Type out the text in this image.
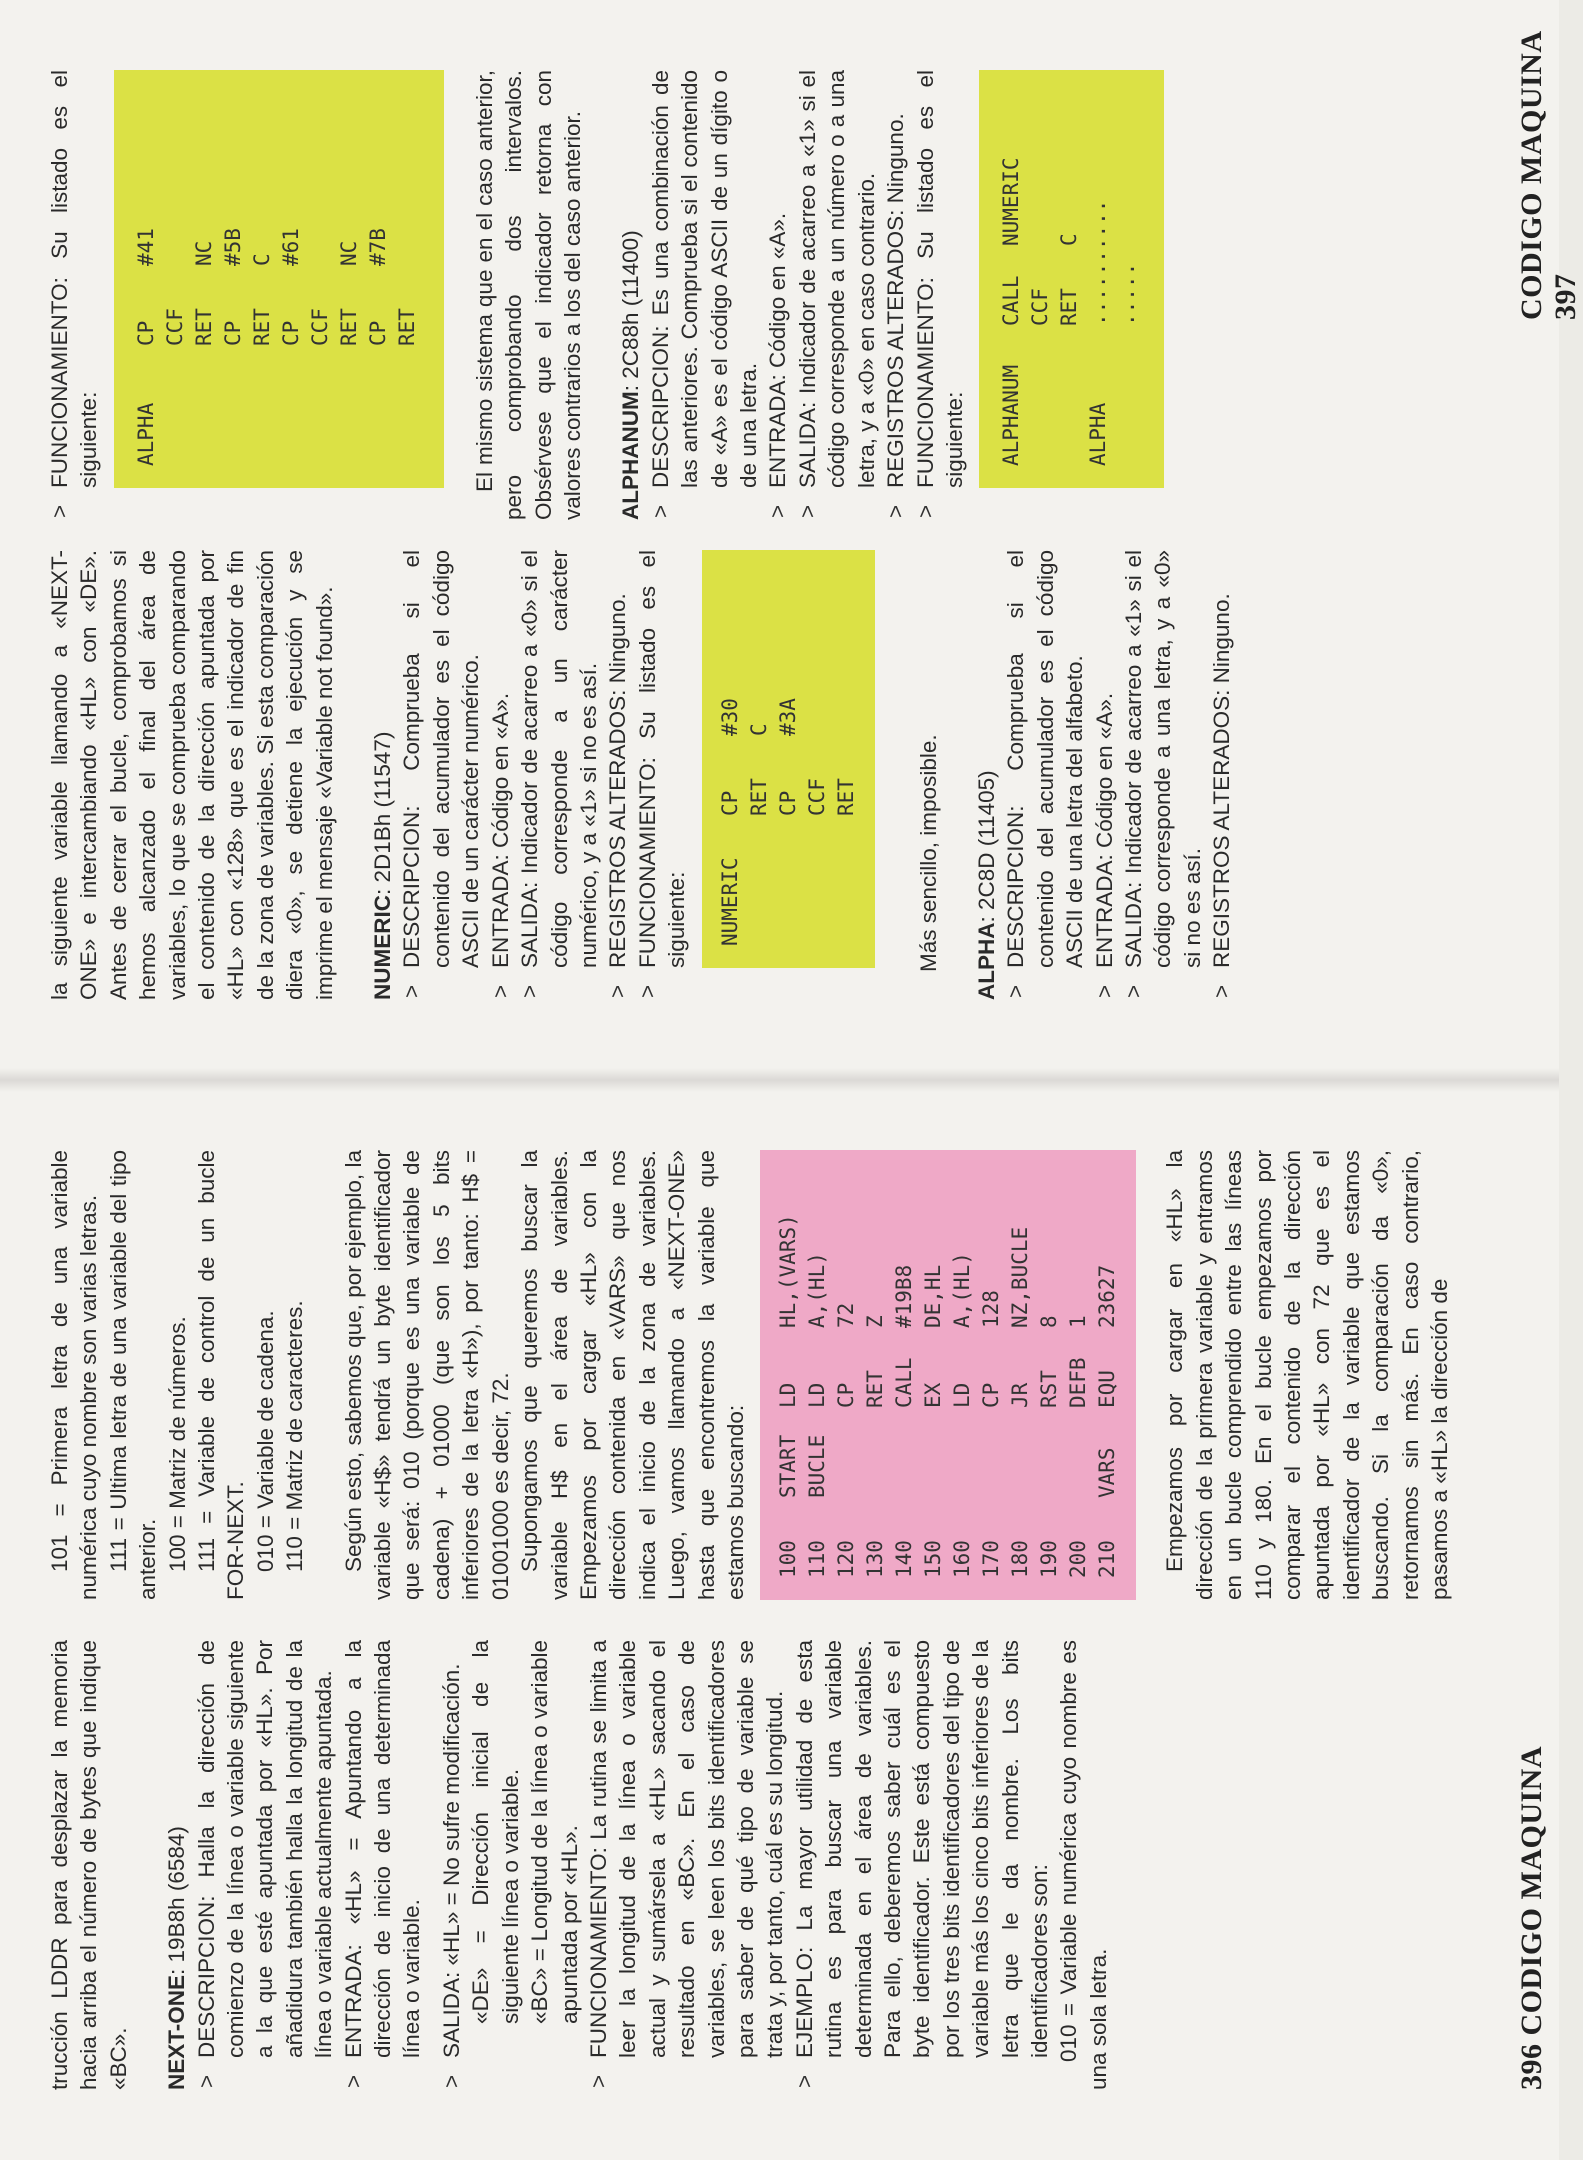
trucción LDDR para desplazar la memoria hacia arriba el número de bytes que indique «BC». NEXT-ONE: 19B8h (6584) > DESCRIPCION: Halla la dirección de comienzo de la línea o variable siguiente a la que esté apuntada por «HL». Por añadidura también halla la longitud de la línea o variable actualmente apuntada. > ENTRADA: «HL» = Apuntando a la dirección de inicio de una determinada línea o variable. > SALIDA: «HL» = No sufre modificación. «DE» = Dirección inicial de la siguiente línea o variable. «BC» = Longitud de la línea o variable apuntada por «HL». > FUNCIONAMIENTO: La rutina se limita a leer la longitud de la línea o variable actual y sumársela a «HL» sacando el resultado en «BC». En el caso de variables, se leen los bits identificadores para saber de qué tipo de variable se trata y, por tanto, cuál es su longitud. > EJEMPLO: La mayor utilidad de esta rutina es para buscar una variable determinada en el área de variables. Para ello, deberemos saber cuál es el byte identificador. Este está compuesto por los tres bits identificadores del tipo de variable más los cinco bits inferiores de la letra que le da nombre. Los bits identificadores son: 010 = Variable numérica cuyo nombre es una sola letra.

101 = Primera letra de una variable numérica cuyo nombre son varias letras. 111 = Ultima letra de una variable del tipo anterior. 100 = Matriz de números. 111 = Variable de control de un bucle FOR-NEXT. 010 = Variable de cadena. 110 = Matriz de caracteres. Según esto, sabemos que, por ejemplo, la variable «H$» tendrá un byte identificador que será: 010 (porque es una variable de cadena) + 01000 (que son los 5 bits inferiores de la letra «H»), por tanto: H$ = 01001000 es decir, 72. Supongamos que queremos buscar la variable H$ en el área de variables. Empezamos por cargar «HL» con la dirección contenida en «VARS» que nos indica el inicio de la zona de variables. Luego, vamos llamando a «NEXT-ONE» hasta que encontremos la variable que estamos buscando: 100
START
LD
HL,(VARS)
110
BUCLE
LD
A,(HL)
120
CP
72
130
RET
Z
140
CALL
#19B8
150
EX
DE,HL
160
LD
A,(HL)
170
CP
128
180
JR
NZ,BUCLE
190
RST
8
200
DEFB
1
210
VARS
EQU
23627 Empezamos por cargar en «HL» la dirección de la primera variable y entramos en un bucle comprendido entre las líneas 110 y 180. En el bucle empezamos por comparar el contenido de la dirección apuntada por «HL» con 72 que es el identificador de la variable que estamos buscando. Si la comparación da «0», retornamos sin más. En caso contrario, pasamos a «HL» la dirección de

396 CODIGO MAQUINA

la siguiente variable llamando a «NEXT-ONE» e intercambiando «HL» con «DE». Antes de cerrar el bucle, comprobamos si hemos alcanzado el final del área de variables, lo que se comprueba comparando el contenido de la dirección apuntada por «HL» con «128» que es el indicador de fin de la zona de variables. Si esta comparación diera «0», se detiene la ejecución y se imprime el mensaje «Variable not found». NUMERIC: 2D1Bh (11547) > DESCRIPCION: Comprueba si el contenido del acumulador es el código ASCII de un carácter numérico. > ENTRADA: Código en «A». > SALIDA: Indicador de acarreo a «0» si el código corresponde a un carácter numérico, y a «1» si no es así. > REGISTROS ALTERADOS: Ninguno. > FUNCIONAMIENTO: Su listado es el siguiente: NUMERIC
CP
#30
RET
C
CP
#3A
CCF RET	Más sencillo, imposible. ALPHA: 2C8D (11405) > DESCRIPCION: Comprueba si el contenido del acumulador es el código ASCII de una letra del alfabeto. > ENTRADA: Código en «A». > SALIDA: Indicador de acarreo a «1» si el código corresponde a una letra, y a «0» si no es así. > REGISTROS ALTERADOS: Ninguno.

> FUNCIONAMIENTO: Su listado es el siguiente: ALPHA
CP
#41
CCF RET
NC
CP
#5B
RET
C
CP
#61
CCF RET
NC
CP
#7B
RET El mismo sistema que en el caso anterior, pero comprobando dos intervalos. Obsérvese que el indicador retorna con valores contrarios a los del caso anterior. ALPHANUM: 2C88h (11400) > DESCRIPCION: Es una combinación de las anteriores. Comprueba si el contenido de «A» es el código ASCII de un dígito o de una letra. > ENTRADA: Código en «A». > SALIDA: Indicador de acarreo a «1» si el código corresponde a un número o a una letra, y a «0» en caso contrario. > REGISTROS ALTERADOS: Ninguno. > FUNCIONAMIENTO: Su listado es el siguiente: ALPHANUM
CALL
NUMERIC
CCF RET
C
ALPHA
.......... .....	CODIGO MAQUINA 397
